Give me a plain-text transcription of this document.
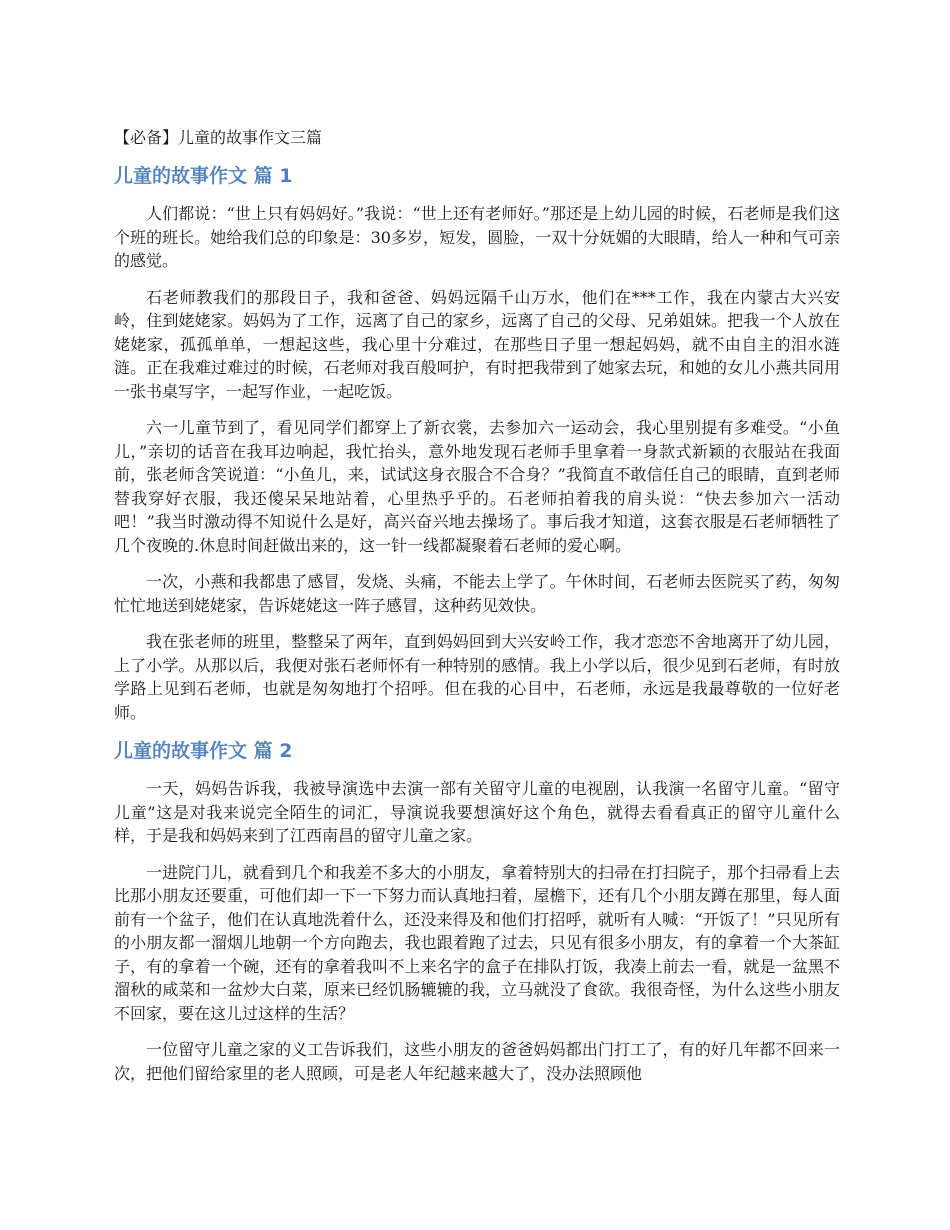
【必备】儿童的故事作文三篇
儿童的故事作文 篇 1

人们都说：“世上只有妈妈好。”我说：“世上还有老师好。”那还是上幼儿园的时候，石老师是我们这个班的班长。她给我们总的印象是：30多岁，短发，圆脸，一双十分妩媚的大眼睛，给人一种和气可亲的感觉。

石老师教我们的那段日子，我和爸爸、妈妈远隔千山万水，他们在***工作，我在内蒙古大兴安岭，住到姥姥家。妈妈为了工作，远离了自己的家乡，远离了自己的父母、兄弟姐妹。把我一个人放在姥姥家，孤孤单单，一想起这些，我心里十分难过，在那些日子里一想起妈妈，就不由自主的泪水涟涟。正在我难过难过的时候，石老师对我百般呵护，有时把我带到了她家去玩，和她的女儿小燕共同用一张书桌写字，一起写作业，一起吃饭。

六一儿童节到了，看见同学们都穿上了新衣裳，去参加六一运动会，我心里别提有多难受。“小鱼儿，”亲切的话音在我耳边响起，我忙抬头，意外地发现石老师手里拿着一身款式新颖的衣服站在我面前，张老师含笑说道：“小鱼儿，来，试试这身衣服合不合身？”我简直不敢信任自己的眼睛，直到老师替我穿好衣服，我还傻呆呆地站着，心里热乎乎的。石老师拍着我的肩头说：“快去参加六一活动吧！”我当时激动得不知说什么是好，高兴奋兴地去操场了。事后我才知道，这套衣服是石老师牺牲了几个夜晚的.休息时间赶做出来的，这一针一线都凝聚着石老师的爱心啊。

一次，小燕和我都患了感冒，发烧、头痛，不能去上学了。午休时间，石老师去医院买了药，匆匆忙忙地送到姥姥家，告诉姥姥这一阵子感冒，这种药见效快。

我在张老师的班里，整整呆了两年，直到妈妈回到大兴安岭工作，我才恋恋不舍地离开了幼儿园，上了小学。从那以后，我便对张石老师怀有一种特别的感情。我上小学以后，很少见到石老师，有时放学路上见到石老师，也就是匆匆地打个招呼。但在我的心目中，石老师，永远是我最尊敬的一位好老师。

儿童的故事作文 篇 2

一天，妈妈告诉我，我被导演选中去演一部有关留守儿童的电视剧，认我演一名留守儿童。“留守儿童”这是对我来说完全陌生的词汇，导演说我要想演好这个角色，就得去看看真正的留守儿童什么样，于是我和妈妈来到了江西南昌的留守儿童之家。

一进院门儿，就看到几个和我差不多大的小朋友，拿着特别大的扫帚在打扫院子，那个扫帚看上去比那小朋友还要重，可他们却一下一下努力而认真地扫着，屋檐下，还有几个小朋友蹲在那里，每人面前有一个盆子，他们在认真地洗着什么，还没来得及和他们打招呼，就听有人喊：“开饭了！”只见所有的小朋友都一溜烟儿地朝一个方向跑去，我也跟着跑了过去，只见有很多小朋友，有的拿着一个大茶缸子，有的拿着一个碗，还有的拿着我叫不上来名字的盒子在排队打饭，我凑上前去一看，就是一盆黑不溜秋的咸菜和一盆炒大白菜，原来已经饥肠辘辘的我，立马就没了食欲。我很奇怪，为什么这些小朋友不回家，要在这儿过这样的生活？

一位留守儿童之家的义工告诉我们，这些小朋友的爸爸妈妈都出门打工了，有的好几年都不回来一次，把他们留给家里的老人照顾，可是老人年纪越来越大了，没办法照顾他
